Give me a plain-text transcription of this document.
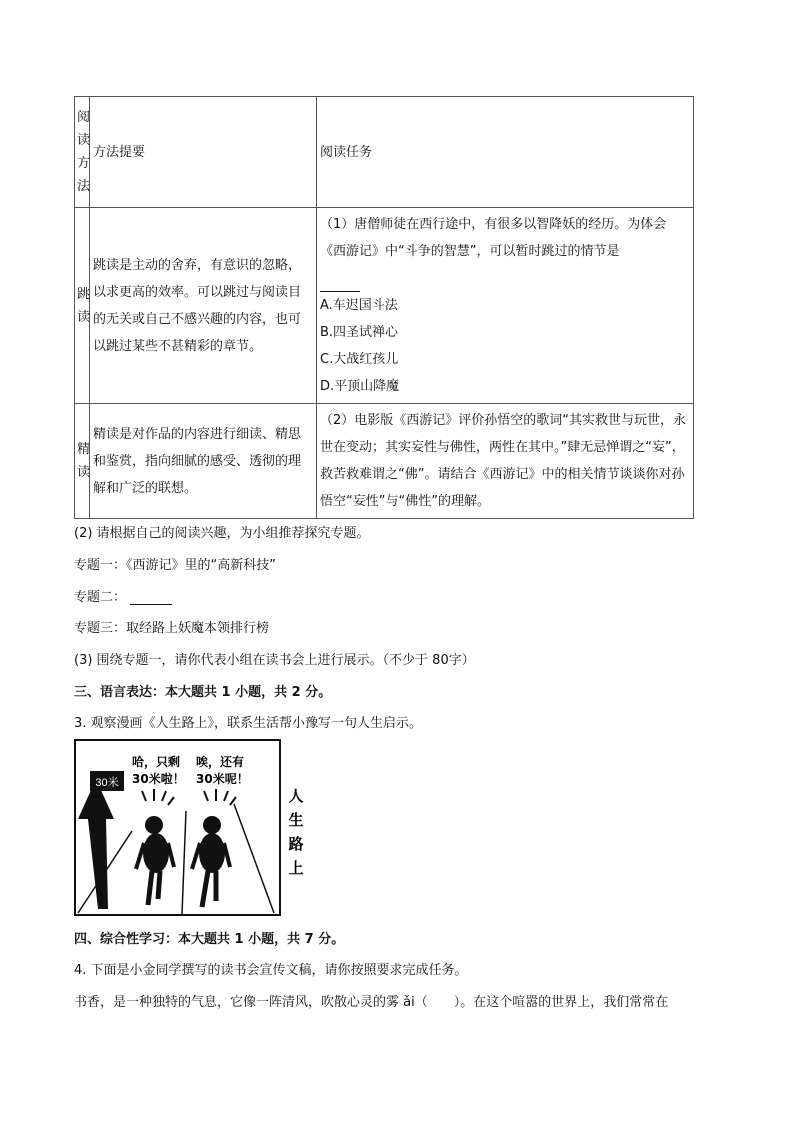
阅读方法	方法提要	阅读任务

跳读	跳读是主动的舍弃，有意识的忽略，以求更高的效率。可以跳过与阅读目的无关或自己不感兴趣的内容，也可以跳过某些不甚精彩的章节。	（1）唐僧师徒在西行途中，有很多以智降妖的经历。为体会《西游记》中“斗争的智慧”，可以暂时跳过的情节是

A.车迟国斗法
B.四圣试禅心
C.大战红孩儿
D.平顶山降魔

精读	精读是对作品的内容进行细读、精思和鉴赏，指向细腻的感受、透彻的理解和广泛的联想。	（2）电影版《西游记》评价孙悟空的歌词“其实救世与玩世，永世在变动；其实妄性与佛性，两性在其中。”肆无忌惮谓之“妄”，救苦救难谓之“佛”。请结合《西游记》中的相关情节谈谈你对孙悟空“妄性”与“佛性”的理解。
(2) 请根据自己的阅读兴趣，为小组推荐探究专题。
专题一：《西游记》里的“高新科技”
专题二：
专题三：取经路上妖魔本领排行榜
(3) 围绕专题一，请你代表小组在读书会上进行展示。（不少于 80字）
三、语言表达：本大题共 1 小题，共 2 分。
3. 观察漫画《人生路上》，联系生活帮小豫写一句人生启示。
30米
哈，只剩
30米啦！
唉，还有
30米呢！
人
生
路
上
四、综合性学习：本大题共 1 小题，共 7 分。
4. 下面是小金同学撰写的读书会宣传文稿，请你按照要求完成任务。
书香，是一种独特的气息，它像一阵清风，吹散心灵的雾 ǎi（　　）。在这个喧嚣的世界上，我们常常在
